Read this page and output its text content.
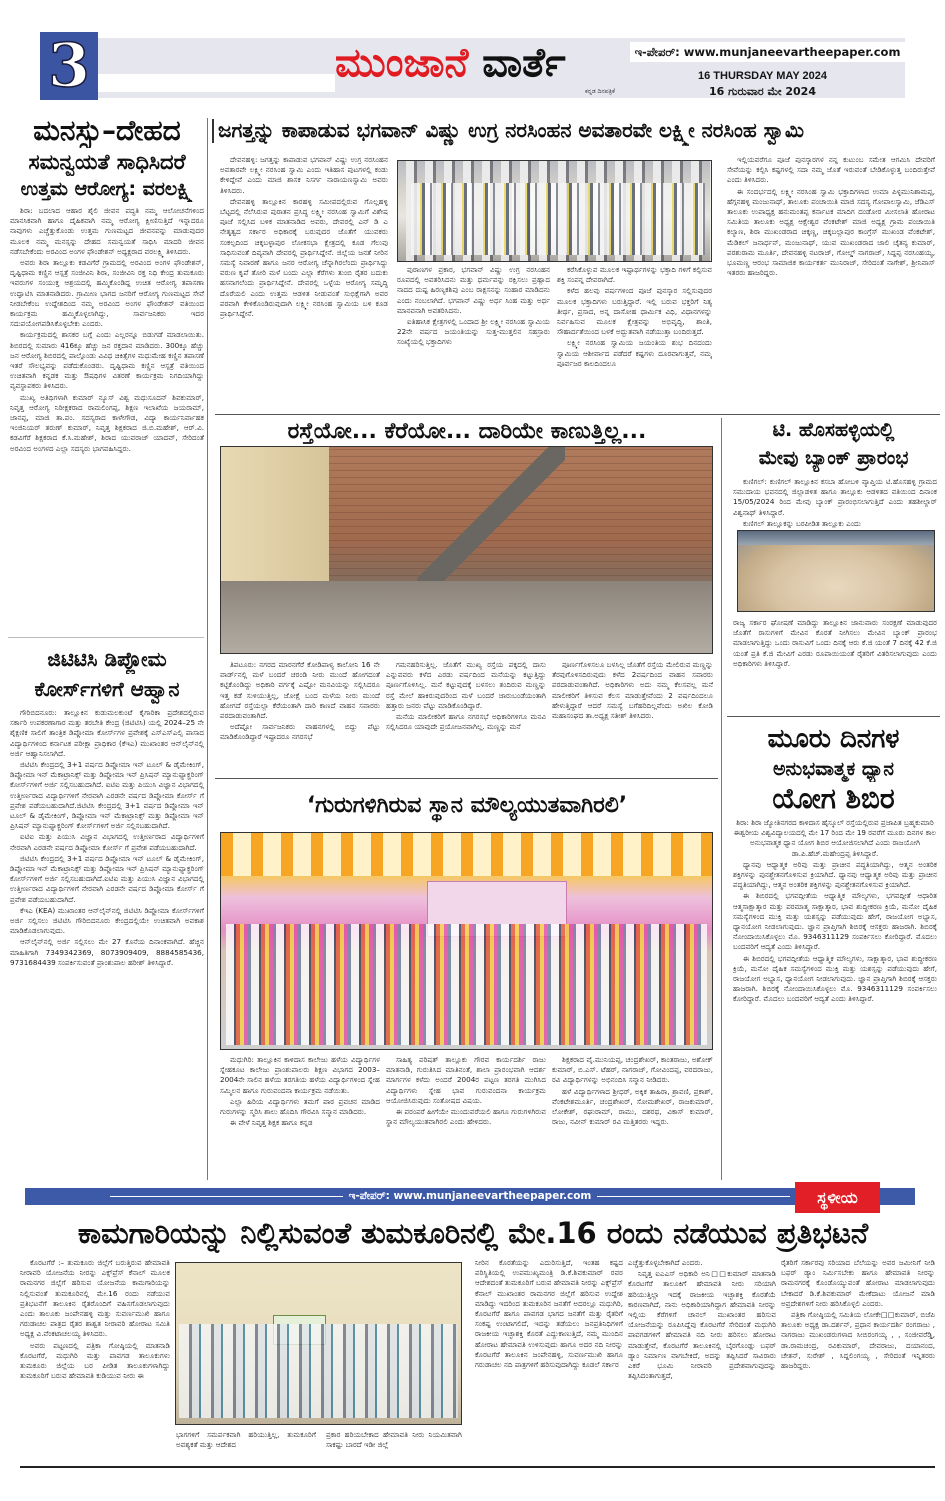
3	ಮುಂಜಾನೆ ವಾರ್ತೆ
ಕನ್ನಡ ದಿನಪತ್ರಿಕೆ
ಇ-ಪೇಪರ್: www.munjaneevartheepaper.com
16 THURSDAY MAY 2024
16 ಗುರುವಾರ ಮೇ 2024
ಮನಸ್ಸು–ದೇಹದ
ಸಮನ್ವಯತೆ ಸಾಧಿಸಿದರೆ
ಉತ್ತಮ ಆರೋಗ್ಯ: ವರಲಕ್ಷ್ಮಿ

ಶಿರಾ: ಬದಲಾದ ಆಹಾರ ಶೈಲಿ ಜೀವನ ಪದ್ಧತಿ ನಮ್ಮ ಆಲೋಚನೆಗಳಿಂದ ಮಾನಸಿಕವಾಗಿ ಹಾಗೂ ದೈಹಿಕವಾಗಿ ನಮ್ಮ ಆರೋಗ್ಯ ಕ್ಷೀಣಿಸುತ್ತಿದೆ ಇನ್ನಾದರೂ ನಾವುಗಳು ಎಚ್ಚೆತ್ತುಕೊಂಡು ಉತ್ತಮ ಗುಣಮಟ್ಟದ ಜೀವನವನ್ನು ಮಾಡುವುದರ ಮೂಲಕ ನಮ್ಮ ಮನಸ್ಸನ್ನು ದೇಹದ ಸಮನ್ವಯತೆ ಸಾಧಿಸಿ ಮಾದರಿ ಜೀವನ ನಡೆಸಬೇಕೆಂದು ಅರವಿಂದ ಅಂಗಳ ಫೌಂಡೇಶನ್ ಅಧ್ಯಕ್ಷರಾದ ವರಲಕ್ಷ್ಮಿ ತಿಳಿಸಿದರು.

ಅವರು ಶಿರಾ ತಾಲ್ಲೂಕು ಕಡವಿಗೆರೆ ಗ್ರಾಮದಲ್ಲಿ ಅರವಿಂದ ಅಂಗಳ ಫೌಂಡೇಶನ್, ದೃಷ್ಟಿಧಾಮ ಕಣ್ಣಿನ ಆಸ್ಪತ್ರೆ ಸಂಜೀವಿನಿ ಶಿರಾ, ಸಂಜೀವಿನಿ ರಕ್ತ ನಿಧಿ ಕೇಂದ್ರ ತುಮಕೂರು ಇವರುಗಳ ಸಂಯುಕ್ತ ಆಶ್ರಯದಲ್ಲಿ ಹಮ್ಮಿಕೊಂಡಿದ್ದ ಉಚಿತ ಆರೋಗ್ಯ ತಪಾಸಣಾ ಉದ್ಘಾಟಿಸಿ ಮಾತನಾಡಿದರು. ಗ್ರಾಮೀಣ ಭಾಗದ ಜನರಿಗೆ ಆರೋಗ್ಯ ಗುಣಮಟ್ಟದ ಸೇವೆ ನೀಡಬೇಕೆಂಬ ಉದ್ದೇಶದಿಂದ ನಮ್ಮ ಅರವಿಂದ ಅಂಗಳ ಫೌಂಡೇಶನ್ ವತಿಯಿಂದ ಕಾರ್ಯಕ್ರಮ ಹಮ್ಮಿಕೊಳ್ಳಲಾಗಿದ್ದು, ಸಾರ್ವಜನಿಕರು ಇದರ ಸದುಪಯೋಗಪಡಿಸಿಕೊಳ್ಳಬೇಕು ಎಂದರು.

ಕಾರ್ಯಕ್ರಮದಲ್ಲಿ ಶಾಸಕರ ಬಗ್ಗೆ ಎಂದು ಎಲ್ಲರನ್ನೂ ಬಿಡುಗಡೆ ಮಾಡಲಾಯಿತು. ಶಿಬಿರದಲ್ಲಿ ಸುಮಾರು 416ಕ್ಕೂ ಹೆಚ್ಚು ಜನ ರಕ್ತದಾನ ಮಾಡಿದರು. 300ಕ್ಕೂ ಹೆಚ್ಚು ಜನ ಆರೋಗ್ಯ ಶಿಬಿರದಲ್ಲಿ ಪಾಲ್ಗೊಂಡು ವಿವಿಧ ಚಿಕಿತ್ಸೆಗಳ ಮಧುಮೇಹ ಕಣ್ಣಿನ ತಪಾಸಣೆ ಇತರೆ ಸೌಲಭ್ಯವನ್ನು ಪಡೆದುಕೊಂಡರು. ದೃಷ್ಟಿಧಾಮ ಕಣ್ಣಿನ ಆಸ್ಪತ್ರೆ ವತಿಯಿಂದ ಉಚಿತವಾಗಿ ಕನ್ನಡಕ ಮತ್ತು ಔಷಧಿಗಳ ವಿತರಣೆ ಕಾರ್ಯಕ್ರಮ ನಿಗದಿಯಾಗಿದ್ದು ವ್ಯವಸ್ಥಾಪಕರು ತಿಳಿಸಿದರು.

ಮುಖ್ಯ ಅತಿಥಿಗಳಾಗಿ ಕುಮಾರ್ ನ್ಯೂಸ್ ವಿಶ್ವ ಮಧುಸೂದನ್ ಶಿವಕುಮಾರ್, ನಿವೃತ್ತ ಆರೋಗ್ಯ ನಿರೀಕ್ಷಕರಾದ ರಾಮಲಿಂಗಪ್ಪ, ಶಿಕ್ಷಣ ಇಲಾಖೆಯ ಜಯರಾಮ್, ಜಾನಪ್ಪ, ಮಾಜಿ ತಾ.ಪಂ. ಸದಸ್ಯರಾದ ಕಾಳೇಗೌಡ, ವಿದ್ಯಾ ಕಾರ್ಯನಿರ್ವಾಹಕ ಇಂಜಿನಿಯರ್ ತರುಣ್ ಕುಮಾರ್, ನಿವೃತ್ತ ಶಿಕ್ಷಕರಾದ ಜಿ.ಬಿ.ಮಹೇಶ್, ಆರ್.ವಿ. ಕಡವಿಗೆರೆ ಶಿಕ್ಷಕರಾದ ಕೆ.ಸಿ.ಮಹೇಶ್, ಶಿರಾದ ಯುವರಾಜ್ ಯಾದವ್, ಸೇರಿದಂತೆ ಅರವಿಂದ ಅಂಗಳದ ಎಲ್ಲಾ ಸದಸ್ಯರು ಭಾಗವಹಿಸಿದ್ದರು.

ಜಿಟಿಟಿಸಿ ಡಿಪ್ಲೋಮ
ಕೋರ್ಸ್‌ಗಳಿಗೆ ಆಹ್ವಾನ

ಗೌರಿಬಿದನೂರು: ತಾಲ್ಲೂಕಿನ ಕುಡುಮಲಕುಂಟೆ ಕೈಗಾರಿಕಾ ಪ್ರದೇಶದಲ್ಲಿರುವ ಸರ್ಕಾರಿ ಉಪಕರಣಾಗಾರ ಮತ್ತು ತರಬೇತಿ ಕೇಂದ್ರ (ಜಿಟಿಟಿಸಿ) ಯಲ್ಲಿ 2024–25 ನೇ ಶೈಕ್ಷಣಿಕ ಸಾಲಿಗೆ ತಾಂತ್ರಿಕ ಡಿಪ್ಲೋಮಾ ಕೋರ್ಸ್‌ಗಳ ಪ್ರವೇಶಕ್ಕೆ ಎಸ್ಎಸ್ಎಲ್ಸಿ ಪಾಸಾದ ವಿದ್ಯಾರ್ಥಿಗಳಿಂದ ಕರ್ನಾಟಕ ಪರೀಕ್ಷಾ ಪ್ರಾಧಿಕಾರ (ಕೆಇಎ) ಮುಖಾಂತರ ಆನ್‌ಲೈನ್‌ನಲ್ಲಿ ಅರ್ಜಿ ಆಹ್ವಾನಿಸಲಾಗಿದೆ.

ಜಿಟಿಟಿಸಿ ಕೇಂದ್ರದಲ್ಲಿ 3+1 ವರ್ಷದ ಡಿಪ್ಲೋಮಾ ಇನ್ ಟೂಲ್ & ಡೈಮೇಕಿಂಗ್, ಡಿಪ್ಲೋಮಾ ಇನ್ ಮೆಕಾಟ್ರಾನಿಕ್ಸ್ ಮತ್ತು ಡಿಪ್ಲೋಮಾ ಇನ್ ಪ್ರಿಸಿಷನ್ ಮ್ಯಾನುಫ್ಯಾಕ್ಚರಿಂಗ್ ಕೋರ್ಸ್‌ಗಳಿಗೆ ಅರ್ಜಿ ಸಲ್ಲಿಸಬಹುದಾಗಿದೆ. ಐಟಿಐ ಮತ್ತು ಪಿಯುಸಿ ವಿಜ್ಞಾನ ವಿಭಾಗದಲ್ಲಿ ಉತ್ತೀರ್ಣರಾದ ವಿದ್ಯಾರ್ಥಿಗಳಿಗೆ ನೇರವಾಗಿ ಎರಡನೇ ವರ್ಷದ ಡಿಪ್ಲೋಮಾ ಕೋರ್ಸ್ ಗೆ ಪ್ರವೇಶ ಪಡೆಯಬಹುದಾಗಿದೆ.ಜಿಟಿಟಿಸಿ ಕೇಂದ್ರದಲ್ಲಿ 3+1 ವರ್ಷದ ಡಿಪ್ಲೋಮಾ ಇನ್ ಟೂಲ್ & ಡೈಮೇಕಿಂಗ್, ಡಿಪ್ಲೋಮಾ ಇನ್ ಮೆಕಾಟ್ರಾನಿಕ್ಸ್ ಮತ್ತು ಡಿಪ್ಲೋಮಾ ಇನ್ ಪ್ರಿಸಿಷನ್ ಮ್ಯಾನುಫ್ಯಾಕ್ಚರಿಂಗ್ ಕೋರ್ಸ್‌ಗಳಿಗೆ ಅರ್ಜಿ ಸಲ್ಲಿಸಬಹುದಾಗಿದೆ.

ಐಟಿಐ ಮತ್ತು ಪಿಯುಸಿ ವಿಜ್ಞಾನ ವಿಭಾಗದಲ್ಲಿ ಉತ್ತೀರ್ಣರಾದ ವಿದ್ಯಾರ್ಥಿಗಳಿಗೆ ನೇರವಾಗಿ ಎರಡನೇ ವರ್ಷದ ಡಿಪ್ಲೋಮಾ ಕೋರ್ಸ್ ಗೆ ಪ್ರವೇಶ ಪಡೆಯಬಹುದಾಗಿದೆ.

ಜಿಟಿಟಿಸಿ ಕೇಂದ್ರದಲ್ಲಿ 3+1 ವರ್ಷದ ಡಿಪ್ಲೋಮಾ ಇನ್ ಟೂಲ್ & ಡೈಮೇಕಿಂಗ್, ಡಿಪ್ಲೋಮಾ ಇನ್ ಮೆಕಾಟ್ರಾನಿಕ್ಸ್ ಮತ್ತು ಡಿಪ್ಲೋಮಾ ಇನ್ ಪ್ರಿಸಿಷನ್ ಮ್ಯಾನುಫ್ಯಾಕ್ಚರಿಂಗ್ ಕೋರ್ಸ್‌ಗಳಿಗೆ ಅರ್ಜಿ ಸಲ್ಲಿಸಬಹುದಾಗಿದೆ.ಐಟಿಐ ಮತ್ತು ಪಿಯುಸಿ ವಿಜ್ಞಾನ ವಿಭಾಗದಲ್ಲಿ ಉತ್ತೀರ್ಣರಾದ ವಿದ್ಯಾರ್ಥಿಗಳಿಗೆ ನೇರವಾಗಿ ಎರಡನೇ ವರ್ಷದ ಡಿಪ್ಲೋಮಾ ಕೋರ್ಸ್ ಗೆ ಪ್ರವೇಶ ಪಡೆಯಬಹುದಾಗಿದೆ.

ಕೆಇಎ (KEA) ಮುಖಾಂತರ ಆನ್‌ಲೈನ್‌ನಲ್ಲಿ ಜಿಟಿಟಿಸಿ ಡಿಪ್ಲೋಮಾ ಕೋರ್ಸ್‌ಗಳಿಗೆ ಅರ್ಜಿ ಸಲ್ಲಿಸಲು ಜಿಟಿಟಿಸಿ ಗೌರಿಬಿದನೂರು ಕೇಂದ್ರದಲ್ಲಿಯೇ ಉಚಿತವಾಗಿ ಅವಕಾಶ ಮಾಡಿಕೊಡಲಾಗುವುದು.

ಆನ್‌ಲೈನ್‌ನಲ್ಲಿ ಅರ್ಜಿ ಸಲ್ಲಿಸಲು ಮೇ 27 ಕೊನೆಯ ದಿನಾಂಕವಾಗಿದೆ. ಹೆಚ್ಚಿನ ಮಾಹಿತಿಗಾಗಿ 7349342369, 8073909409, 8884585436, 9731684439 ಸಂಪರ್ಕಿಸುವಂತೆ ಪ್ರಾಂಶುಪಾಲ ಹರೀಶ್ ತಿಳಿಸಿದ್ದಾರೆ.

ಜಗತ್ತನ್ನು ಕಾಪಾಡುವ ಭಗವಾನ್ ವಿಷ್ಣು ಉಗ್ರ ನರಸಿಂಹನ ಅವತಾರವೇ ಲಕ್ಷ್ಮೀ ನರಸಿಂಹ ಸ್ವಾಮಿ

ದೇವನಹಳ್ಳಿ: ಜಗತ್ತನ್ನು ಕಾಪಾಡುವ ಭಗವಾನ್ ವಿಷ್ಣು ಉಗ್ರ ನರಸಿಂಹನ ಅವತಾರವೇ ಲಕ್ಷ್ಮೀ ನರಸಿಂಹ ಸ್ವಾಮಿ ಎಂದು ಇತಿಹಾಸ ಪುಟಗಳಲ್ಲಿ ಕಂಡು ಕೇಳಿದ್ದೇವೆ ಎಂದು ಮಾಜಿ ಶಾಸಕ ನಿಸರ್ಗ ನಾರಾಯಣಸ್ವಾಮಿ ಅವರು ತಿಳಿಸಿದರು.

ದೇವನಹಳ್ಳಿ ತಾಲ್ಲೂಕಿನ ಕಾರಹಳ್ಳಿ ಸಮೀಪದಲ್ಲಿರುವ ಗೊಲ್ಲಹಳ್ಳಿ ಬೆಟ್ಟದಲ್ಲಿ ನೆಲೆಸಿರುವ ಪುರಾತನ ಪ್ರಸಿದ್ಧ ಲಕ್ಷ್ಮೀ ನರಸಿಂಹ ಸ್ವಾಮಿಗೆ ವಿಶೇಷ ಪೂಜೆ ಸಲ್ಲಿಸಿದ ಬಳಿಕ ಮಾತನಾಡಿದ ಅವರು, ದೇವರಲ್ಲಿ ಎನ್ ಡಿ ಎ ನೇತೃತ್ವದ ಸರ್ಕಾರ ಅಧಿಕಾರಕ್ಕೆ ಬರುವುದರ ಜೊತೆಗೆ ಯುವಕರು ಸಂಕಲ್ಪದಿಂದ ಚಿಕ್ಕಬಳ್ಳಾಪುರ ಲೋಕಸಭಾ ಕ್ಷೇತ್ರದಲ್ಲಿ ಕೂಡ ಗೆಲುವು ಸಾಧಿಸುವಂತೆ ದಿವ್ಯವಾಗಿ ದೇವರಲ್ಲಿ ಪ್ರಾರ್ಥಿಸಿದ್ದೇನೆ. ಜಿಲ್ಲೆಯ ಜನತೆ ನೀರಿನ ಸಮಸ್ಯೆ ನಿವಾರಣೆ ಹಾಗೂ ಜನರ ಆರೋಗ್ಯ ಚೆನ್ನಾಗಿರಲೆಂದು ಪ್ರಾರ್ಥಿಸಿದ್ದು ವರುಣ ಕೃಪೆ ತೋರಿ ಮಳೆ ಬಂದು ಎಲ್ಲಾ ಕೆರೆಗಳು ತುಂಬಿ ರೈತರ ಬದುಕು ಹಸನಾಗಲೆಂದು ಪ್ರಾರ್ಥಿಸಿದ್ದೇನೆ. ದೇವರಲ್ಲಿ ಒಳ್ಳೆಯ ಆರೋಗ್ಯ ಸಮೃದ್ಧಿ ದೊರೆಯಲಿ ಎಂದು ಉತ್ತಮ ಆಡಳಿತ ನೀಡುವಂತೆ ಸುಭಿಕ್ಷೆಗಾಗಿ ಅವರ ಪರವಾಗಿ ಕೇಳಿಕೊಂಡಿರುವುದಾಗಿ ಲಕ್ಷ್ಮೀ ನರಸಿಂಹ ಸ್ವಾಮಿಯ ಬಳಿ ಕೂಡ ಪ್ರಾರ್ಥಿಸಿದ್ದೇನೆ.

ಪುರಾಣಗಳ ಪ್ರಕಾರ, ಭಗವಾನ್ ವಿಷ್ಣು ಉಗ್ರ ನರಸಿಂಹನ ರೂಪದಲ್ಲಿ ಅವತರಿಸಿದನು ಮತ್ತು ಧರ್ಮವನ್ನು ರಕ್ಷಿಸಲು ಪ್ರಹ್ಲಾದ ನಾದದ ದುಷ್ಟ ಹಿರಣ್ಯಕಶಿಪು ಎಂಬ ರಾಕ್ಷಸನನ್ನು ಸಂಹಾರ ಮಾಡಿದನು ಎಂದು ನಂಬಲಾಗಿದೆ. ಭಗವಾನ್ ವಿಷ್ಣು ಅರ್ಧ ಸಿಂಹ ಮತ್ತು ಅರ್ಧ ಮಾನವನಾಗಿ ಅವತರಿಸಿದನು.

ಐತಿಹಾಸಿಕ ಕ್ಷೇತ್ರಗಳಲ್ಲಿ ಒಂದಾದ ಶ್ರೀ ಲಕ್ಷ್ಮೀ ನರಸಿಂಹ ಸ್ವಾಮಿಯ 22ನೇ ವರ್ಷದ ಜಯಂತಿಯನ್ನು ಸುತ್ತ-ಮುತ್ತಲಿನ ಸಹಸ್ರಾರು ಸಂಖ್ಯೆಯಲ್ಲಿ ಭಕ್ತಾದಿಗಳು

ಕರೆಸಿಕೊಳ್ಳುವ ಮೂಲಕ ಇಷ್ಟಾರ್ಥಗಳನ್ನು ಭಕ್ತಾದಿ ಗಳಿಗೆ ಕಲ್ಪಿಸುವ ಶಕ್ತಿ ಸಂಪನ್ನ ದೇವರಾಗಿದೆ.

ಕಳೆದ ಹಲವು ವರ್ಷಗಳಿಂದ ಪೂಜೆ ಪುನಸ್ಕಾರ ಸಲ್ಲಿಸುವುದರ ಮೂಲಕ ಭಕ್ತಾದಿಗಳು ಬರುತ್ತಿದ್ದಾರೆ. ಇಲ್ಲಿ ಬರುವ ಭಕ್ತರಿಗೆ ನಿತ್ಯ ತೀರ್ಥ, ಪ್ರಸಾದ, ಅನ್ನ ದಾಸೋಹ ಧಾರ್ಮಿಕ ವಿಧಿ, ವಿಧಾನಗಳನ್ನು ನಿರ್ವಹಿಸುವ ಮೂಲಕ ಕ್ಷೇತ್ರವನ್ನು ಅಭಿವೃದ್ಧಿ, ಶಾಂತಿ, ಸೌಹಾರ್ದತೆಯಿಂದ ಬಳಕೆ ಅದ್ಭುತವಾಗಿ ನಡೆಯುತ್ತಾ ಬಂದಿರುತ್ತದೆ.

ಲಕ್ಷ್ಮೀ ನರಸಿಂಹ ಸ್ವಾಮಿಯ ಜಯಂತಿಯ ಶುಭ ದಿನದಂದು ಸ್ವಾಮಿಯ ಆಶೀರ್ವಾದ ಪಡೆದರೆ ಕಷ್ಟಗಳು ದೂರವಾಗುತ್ತವೆ, ನಮ್ಮ ಪೂರ್ವಜರ ಕಾಲದಿಂದಲೂ

ಇಲ್ಲಿಯವರೆಗೂ ಪೂಜೆ ಪುನಸ್ಕಾರಗಳ ನನ್ನ ಕುಟುಂಬ ಸಮೇತ ಆಗಮಿಸಿ ದೇವರಿಗೆ ಸೇವೆಯನ್ನು ಕಲ್ಪಿಸಿ ಕಷ್ಟಗಳಲ್ಲಿ ಸದಾ ನಮ್ಮ ಜೊತೆ ಇರುವಂತೆ ಬೇಡಿಕೊಳ್ಳುತ್ತ ಬಂದಿರುತ್ತೇವೆ ಎಂದು ತಿಳಿಸಿದರು.

ಈ ಸಂದರ್ಭದಲ್ಲಿ ಲಕ್ಷ್ಮೀ ನರಸಿಂಹ ಸ್ವಾಮಿ ಭಕ್ತಾದಿಗಳಾದ ಉಮಾ ಪಿಳ್ಳಮುನಿಶಾಮಪ್ಪ, ಹೆಗ್ಗನಹಳ್ಳಿ ಮಂಜುನಾಥ್, ತಾಲೂಕು ಪಂಚಾಯಿತಿ ಮಾಜಿ ಸದಸ್ಯ ಗೋಪಾಲಸ್ವಾಮಿ, ಜೆಡಿಎಸ್ ತಾಲೂಕು ಉಪಾಧ್ಯಕ್ಷ ಹನುಮಂತಪ್ಪ ಕರ್ನಾಟಕ ಮಾದಿಗ ದಂಡೋರ ಮೀಸಲಾತಿ ಹೋರಾಟ ಸಮಿತಿಯ ತಾಲೂಕು ಅಧ್ಯಕ್ಷ ಆಕ್ಷೇಶ್ವರ ವೆಂಕಟೇಶ್ ಮಾಜಿ ಅಧ್ಯಕ್ಷ ಗ್ರಾಮ ಪಂಚಾಯಿತಿ ಕಲ್ಯಾಣ, ಶಿರಾ ಮುಖಂಡರಾದ ಚಿಕ್ಕಣ್ಣ, ಚಿಕ್ಕಬಲ್ಲಾಪುರ ಕಾಂಗ್ರೆಸ್ ಮುಖಂಡ ವೆಂಕಟೇಶ್, ಮೆಡಿಕಲ್ ಜನಾರ್ಧನ್, ಮಂಜುನಾಥ್, ಯುವ ಮುಖಂಡರಾದ ಜಾಲಿ ಚೈತನ್ಯ ಕುಮಾರ್, ಪರಶುರಾಮ ಮೂರ್ತಿ, ದೇವನಹಳ್ಳಿ ನಟರಾಜ್, ಗೋಲ್ಡ್ ನಾಗರಾಜ್, ಸಿದ್ದಪ್ಪ ನರಸಿಂಹಯ್ಯ, ಭೂಮಣ್ಣ ಆರಂಭ ಸಾಮಾಜಿಕ ಕಾರ್ಯಕರ್ತ ಮುನಿರಾಜ್, ಸೇರಿದಂತೆ ನಾಗೇಶ್, ಶ್ರೀನಿವಾಸ್ ಇತರರು ಹಾಜರಿದ್ದರು.

ರಸ್ತೆಯೋ... ಕೆರೆಯೋ... ದಾರಿಯೇ ಕಾಣುತ್ತಿಲ್ಲ...

ತಿಪಟೂರು: ನಗರದ ಮಾರನಗೆರೆ ಕೋಡಿಪಾಳ್ಯ ಕಾಲೋನಿ 16 ನೇ ವಾರ್ಡ್‌ನಲ್ಲಿ ಮಳೆ ಬಂದರೆ ಚರಂಡಿ ನೀರು ಮುಂದೆ ಹೋಗದಂತೆ ಕಟ್ಟಿಕೊಂಡಿದ್ದು ಅಧಿಕಾರಿ ವರ್ಗಕ್ಕೆ ಎಷ್ಟೋ ಮನವಿಯನ್ನು ಸಲ್ಲಿಸಿದರೂ ಇತ್ತ ಕಡೆ ಸುಳಿಯುತ್ತಿಲ್ಲ, ಜೋಕ್ಷೆ ಬಂದ ಮಳೆಯ ನೀರು ಮುಂದೆ ಹೋಗದೆ ರಸ್ತೆಯಲ್ಲಾ ಕೆರೆಯಂತಾಗಿ ದಾರಿ ಕಾಣದೆ ವಾಹನ ಸವಾರರು ಪರದಾಡುವಂತಾಗಿದೆ.

ಅದೆಷ್ಟೋ ಸಾರ್ವಜನಿಕರು ವಾಹನಗಳಲ್ಲಿ ಬಿದ್ದು ಪೆಟ್ಟು ಮಾಡಿಕೊಂಡಿದ್ದಾರೆ ಇಷ್ಟಾದರೂ ನಗರಸಭೆ

ಗಮನಹರಿಸುತ್ತಿಲ್ಲ. ಜೊತೆಗೆ ಮುಖ್ಯ ರಸ್ತೆಯ ಪಕ್ಕದಲ್ಲಿ ದಾಸು ಎನ್ನುವವರು ಕಳೆದ ಎರಡು ವರ್ಷದಿಂದ ಮನೆಯನ್ನು ಕಟ್ಟುತ್ತಿದ್ದು ಪೂರ್ಣಗೊಳಿಸಿಲ್ಲ. ಮನೆ ಕಟ್ಟುವುದಕ್ಕೆ ಬಳಸಲು ತಂದಿರುವ ಮಣ್ಣನ್ನು ರಸ್ತೆ ಮೇಲೆ ಹಾಕಿರುವುದರಿಂದ ಮಳೆ ಬಂದರೆ ಜಾರುಬಂಡೆಯಂತಾಗಿ ಹತ್ತಾರು ಜನರು ಪೆಟ್ಟು ಮಾಡಿಕೊಂಡಿದ್ದಾರೆ.

ಮನೆಯ ಮಾಲೀಕರಿಗೆ ಹಾಗೂ ನಗರಸಭೆ ಅಧಿಕಾರಿಗಳಿಗೂ ಮನವಿ ಸಲ್ಲಿಸಿದರೂ ಯಾವುದೇ ಪ್ರಯೋಜನವಾಗಿಲ್ಲ. ಮಣ್ಣನ್ನು ಮನೆ

ಪೂರ್ಣಗೊಳಿಸಲೂ ಬಳಸಿಲ್ಲ ಜೊತೆಗೆ ರಸ್ತೆಯ ಮೇಲಿರುವ ಮಣ್ಣನ್ನು ತೆರವುಗೊಳಿಸದಿರುವುದು ಕಳೆದ 2ವರ್ಷದಿಂದ ವಾಹನ ಸವಾರರು ಪರದಾಡುವಂತಾಗಿದೆ. ಅಧಿಕಾರಿಗಳು ಅದು ನಮ್ಮ ಕೆಲಸವಲ್ಲ ಮನೆ ಮಾಲೀಕರಿಗೆ ತಿಳಿಸುವ ಕೆಲಸ ಮಾಡುತ್ತೇವೆಂದು 2 ವರ್ಷದಿಂದಲೂ ಹೇಳುತ್ತಿದ್ದಾರೆ ಆದರೆ ಸಮಸ್ಯೆ ಬಗೆಹರಿದಿಲ್ಲವೆಂದು ಅಖಿಲ ಕೋಡಿ ಮಹಾಸಂಘದ ತಾ.ಅಧ್ಯಕ್ಷ ಸತೀಶ್ ತಿಳಿಸಿದರು.

ಟಿ. ಹೊಸಹಳ್ಳಿಯಲ್ಲಿ
ಮೇವು ಬ್ಯಾಂಕ್ ಪ್ರಾರಂಭ

ಕುಣಿಗಲ್: ಕುಣಿಗಲ್ ತಾಲ್ಲೂಕಿನ ಕಸಬಾ ಹೋಬಳಿ ವ್ಯಾಪ್ತಿಯ ಟಿ.ಹೊಸಹಳ್ಳಿ ಗ್ರಾಮದ ಸಮುದಾಯ ಭವನದಲ್ಲಿ ಜಿಲ್ಲಾಡಳಿತ ಹಾಗೂ ತಾಲ್ಲೂಕು ಆಡಳಿತದ ವತಿಯಿಂದ ದಿನಾಂಕ 15/05/2024 ರಿಂದ ಮೇವು ಬ್ಯಾಂಕ್ ಪ್ರಾರಂಭಿಸಲಾಗುತ್ತಿದೆ ಎಂದು ತಹಶೀಲ್ದಾರ್ ವಿಶ್ವನಾಥ್ ತಿಳಿಸಿದ್ದಾರೆ.

ಕುಣಿಗಲ್ ತಾಲ್ಲೂಕನ್ನು ಬರಪೀಡಿತ ತಾಲ್ಲೂಕು ಎಂದು

ರಾಜ್ಯ ಸರ್ಕಾರ ಘೋಷಣೆ ಮಾಡಿದ್ದು ತಾಲ್ಲೂಕಿನ ಜಾನುವಾರು ಸಂರಕ್ಷಣೆ ಮಾಡುವುದರ ಜೊತೆಗೆ ರಾಸುಗಳಿಗೆ ಮೇವಿನ ಕೊರತೆ ನೀಗಿಸಲು ಮೇವಿನ ಬ್ಯಾಂಕ್ ಪ್ರಾರಂಭ ಮಾಡಲಾಗುತ್ತಿದ್ದು ಒಂದು ರಾಸುವಿಗೆ ಒಂದು ದಿನಕ್ಕೆ ಆರು ಕೆ.ಜಿ ಯಂತೆ 7 ದಿನಕ್ಕೆ 42 ಕೆ.ಜಿ ಯಂತೆ ಪ್ರತಿ ಕೆ.ಜಿ ಮೇವಿಗೆ ಎರಡು ರೂಪಾಯಿಯಂತೆ ರೈತರಿಗೆ ವಿತರಿಸಲಾಗುವುದು ಎಂದು ಅಧಿಕಾರಿಗಳು ತಿಳಿಸಿದ್ದಾರೆ.

ಮೂರು ದಿನಗಳ
ಅನುಭವಾತ್ಮಕ ಧ್ಯಾನ
ಯೋಗ ಶಿಬಿರ

ಶಿರಾ: ಶಿರಾ ಜ್ಯೋತಿನಗರದ ಕಾಳಿದಾಸ ಹೈಸ್ಕೂಲ್ ರಸ್ತೆಯಲ್ಲಿರುವ ಪ್ರಜಾಪಿತ ಬ್ರಹ್ಮಕುಮಾರಿ ಈಶ್ವರೀಯ ವಿಶ್ವವಿದ್ಯಾಲಯದಲ್ಲಿ ಮೇ 17 ರಿಂದ ಮೇ 19 ರವರೆಗೆ ಮೂರು ದಿನಗಳ ಕಾಲ ಅನುಭವಾತ್ಮಕ ಧ್ಯಾನ ಯೋಗ ಶಿಬಿರ ಆಯೋಜಿಸಲಾಗಿದೆ ಎಂದು ರಾಜಯೋಗಿ ಡಾ.ಪಿ.ಹೆಚ್.ಮಹೇಂದ್ರಪ್ಪ ತಿಳಿಸಿದ್ದಾರೆ.

ಧ್ಯಾನವು ಆಧ್ಯಾತ್ಮಕ ಅರಿವು ಮತ್ತು ಪ್ರಾಚೀನ ಪದ್ಧತಿಯಾಗಿದ್ದು, ಆತ್ಮನ ಅಂತರಿಕ ಶಕ್ತಿಗಳನ್ನು ಪುನಶ್ಚೇತನಗೊಳಿಸುವ ಕ್ರಿಯಾಗಿದೆ. ಧ್ಯಾನವು ಆಧ್ಯಾತ್ಮಕ ಅರಿವು ಮತ್ತು ಪ್ರಾಚೀನ ಪದ್ಧತಿಯಾಗಿದ್ದು, ಆತ್ಮನ ಅಂತರಿಕ ಶಕ್ತಿಗಳನ್ನು ಪುನಶ್ಚೇತನಗೊಳಿಸುವ ಕ್ರಿಯಾಗಿದೆ.

ಈ ಶಿಬಿರದಲ್ಲಿ ಭಗವದ್ಗೀತೆಯ ಆಧ್ಯಾತ್ಮಿಕ ಮೌಲ್ಯಗಳು, ಭಗವದ್ಗೀತೆ ಆಧಾರಿತ ಆತ್ಮಸಾಕ್ಷಾತ್ಕಾರ ಮತ್ತು ಪರಮಾತ್ಮ ಸಾಕ್ಷಾತ್ಕಾರ, ಭಾವ ಶುದ್ಧೀಕರಣ ಕ್ರಿಯೆ, ಮನೋ ದೈಹಿಕ ಸಮಸ್ಯೆಗಳಿಂದ ಮುಕ್ತಿ ಮತ್ತು ಯಶಸ್ಸನ್ನು ಪಡೆಯುವುದು ಹೇಗೆ, ರಾಜಯೋಗ ಅಭ್ಯಾಸ, ಧ್ಯಾನಯೋಗ ನೀಡಲಾಗುವುದು. ಜ್ಞಾನ ಪ್ರಾಪ್ತಿಗಾಗಿ ಶಿಬಿರಕ್ಕೆ ಆಸಕ್ತರು ಹಾಜರಾಗಿ. ಶಿಬಿರಕ್ಕೆ ನೋಂದಾಯಿಸಿಕೊಳ್ಳಲು ಮೊ. 9346311129 ಸಂಪರ್ಕಿಸಲು ಕೋರಿದ್ದಾರೆ. ಮೊದಲು ಬಂದವರಿಗೆ ಆದ್ಯತೆ ಎಂದು ತಿಳಿಸಿದ್ದಾರೆ.

ಈ ಶಿಬಿರದಲ್ಲಿ ಭಗವದ್ಗೀತೆಯ ಆಧ್ಯಾತ್ಮಿಕ ಮೌಲ್ಯಗಳು, ಸಾಕ್ಷಾತ್ಕಾರ, ಭಾವ ಶುದ್ಧೀಕರಣ ಕ್ರಿಯೆ, ಮನೋ ದೈಹಿಕ ಸಮಸ್ಯೆಗಳಿಂದ ಮುಕ್ತಿ ಮತ್ತು ಯಶಸ್ಸನ್ನು ಪಡೆಯುವುದು ಹೇಗೆ, ರಾಜಯೋಗ ಅಭ್ಯಾಸ, ಧ್ಯಾನಯೋಗ ನೀಡಲಾಗುವುದು. ಜ್ಞಾನ ಪ್ರಾಪ್ತಿಗಾಗಿ ಶಿಬಿರಕ್ಕೆ ಆಸಕ್ತರು ಹಾಜರಾಗಿ. ಶಿಬಿರಕ್ಕೆ ನೋಂದಾಯಿಸಿಕೊಳ್ಳಲು ಮೊ. 9346311129 ಸಂಪರ್ಕಿಸಲು ಕೋರಿದ್ದಾರೆ. ಮೊದಲು ಬಂದವರಿಗೆ ಆದ್ಯತೆ ಎಂದು ತಿಳಿಸಿದ್ದಾರೆ.

‘ಗುರುಗಳಿಗಿರುವ ಸ್ಥಾನ ಮೌಲ್ಯಯುತವಾಗಿರಲಿ’

ಮಧುಗಿರಿ: ತಾಲ್ಲೂಕಿನ ಕಾಳಿದಾಸ ಕಾಲೇಜು ಹಳೆಯ ವಿದ್ಯಾರ್ಥಿಗಳ ಸ್ನೇಹಕೂಟ ಕಾಲೇಜು ಪ್ರಾಂಶುಪಾಲರು ಶಿಕ್ಷಣ ವಿಭಾಗದ 2003– 2004ನೇ ಸಾಲಿನ ಹಳೆಯ ತರಗತಿಯ ಹಳೆಯ ವಿದ್ಯಾರ್ಥಿಗಳಿಂದ ಸ್ನೇಹ ಸಮ್ಮಿಲನ ಹಾಗೂ ಗುರುವಂದನಾ ಕಾರ್ಯಕ್ರಮ ನಡೆಯಿತು.

ಎಲ್ಲಾ ಹಿರಿಯ ವಿದ್ಯಾರ್ಥಿಗಳು ತಮಗೆ ಪಾಠ ಪ್ರವಚನ ಮಾಡಿದ ಗುರುಗಳನ್ನು ಸ್ಮರಿಸಿ ಶಾಲು ಹೊದಿಸಿ ಗೌರವಿಸಿ ಸನ್ಮಾನ ಮಾಡಿದರು.

ಈ ವೇಳೆ ನಿವೃತ್ತ ಶಿಕ್ಷಕ ಹಾಗೂ ಕನ್ನಡ

ಸಾಹಿತ್ಯ ಪರಿಷತ್ ತಾಲ್ಲೂಕು ಗೌರವ ಕಾರ್ಯದರ್ಶಿ ರಾಜು ಮಾತನಾಡಿ, ಗುರುತಿಸಿದ ಮಾತಿನಂತೆ, ಶಾಲಾ ಪ್ರಾರಂಭವಾಗಿ ಆದರ್ಶ ಮಾರ್ಗಗಳ ಕಳೆದು ಅಂದರೆ 2004ರ ಪಟ್ಟಣ ತರಗತಿ ಮುಗಿಸಿದ ವಿದ್ಯಾರ್ಥಿಗಳು ಸ್ನೇಹ ಭಾವ ಗುರುವಂದನಾ ಕಾರ್ಯಕ್ರಮ ಆಯೋಜಿಸಿರುವುದು ಸಂತೋಷದ ವಿಷಯ.

ಈ ಪರಂಪರೆ ಹೀಗೆಯೇ ಮುಂದುವರೆಯಲಿ ಹಾಗೂ ಗುರುಗಳಿಗಿರುವ ಸ್ಥಾನ ಮೌಲ್ಯಯುತವಾಗಿರಲಿ ಎಂದು ಹೇಳಿದರು.

ಶಿಕ್ಷಕರಾದ ವೈ.ಮುನಿಯಪ್ಪ, ಚಂದ್ರಶೇಖರ್, ಕಾಂತರಾಜು, ಅಶೋಕ್ ಕುಮಾರ್, ಬಿ.ಎಸ್. ಟೆಹರ್, ನಾಗರಾಜ್, ಗೋವಿಂದಪ್ಪ, ವರದರಾಜು, ರವಿ ವಿದ್ಯಾರ್ಥಿಗಳನ್ನು ಅಭಿನಂದಿಸಿ ಸನ್ಮಾನ ನೀಡಿದರು.

ಹಳೆ ವಿದ್ಯಾರ್ಥಿಗಳಾದ ಶ್ರೀಧರ್, ಅಕ್ಕಿಕ ತಾಹಿರಾ, ಶ್ರಾವಣಿ, ಪ್ರಕಾಶ್, ವೆಂಕಟೇಶಮೂರ್ತಿ, ಚಂದ್ರಶೇಖರ್, ಸೋಮಶೇಖರ್, ರಾಜಕುಮಾರ್, ಲೋಕೇಶ್, ರಘುರಾಮ್, ರಾಮು, ದಶರಥ, ವಿಕಾಸ್ ಕುಮಾರ್, ರಾಜು, ನವೀನ್ ಕುಮಾರ್ ರವಿ ಮತ್ತಿತರರು ಇದ್ದರು.

ಇ-ಪೇಪರ್: www.munjaneevartheepaper.com	ಸ್ಥಳೀಯ
ಕಾಮಗಾರಿಯನ್ನು ನಿಲ್ಲಿಸುವಂತೆ ತುಮಕೂರಿನಲ್ಲಿ ಮೇ.16 ರಂದು ನಡೆಯುವ ಪ್ರತಿಭಟನೆ

ಕೊರಟಗೆರೆ :– ತುಮಕೂರು ಜಿಲ್ಲೆಗೆ ಬರುತ್ತಿರುವ ಹೇಮಾವತಿ ನೀರಾವರಿ ಯೋಜನೆಯ ನೀರನ್ನು ಎಕ್ಸ್‌ಪ್ರೆಸ್ ಕೆನಾಲ್ ಮೂಲಕ ರಾಮನಗರ ಜಿಲ್ಲೆಗೆ ಹರಿಸುವ ಯೋಜನೆಯ ಕಾಮಗಾರಿಯನ್ನು ನಿಲ್ಲಿಸುವಂತೆ ತುಮಕೂರಿನಲ್ಲಿ ಮೇ.16 ರಂದು ನಡೆಯುವ ಪ್ರತಿಭಟನೆಗೆ ತಾಲೂಕಿನ ರೈತರೊಂದಿಗೆ ವಹಿಸಗೊಡಲಾಗುವುದು ಎಂದು ತಾಲೂಕು ಜಂಪೇನಹಳ್ಳಿ ಮತ್ತು ಸುವರ್ಣಮುಖಿ ಹಾಗೂ ಗರುಡಾಚಲ ಪಾತ್ರದ ರೈತರ ಶಾಶ್ವತ ನೀರಾವರಿ ಹೋರಾಟ ಸಮಿತಿ ಅಧ್ಯಕ್ಷ ವಿ.ವೆಂಕಟಾಚಲಯ್ಯ ತಿಳಿಸಿದರು.

ಅವರು ಪಟ್ಟಣದಲ್ಲಿ ಪತ್ರಿಕಾ ಗೋಷ್ಠಿಯಲ್ಲಿ ಮಾತನಾಡಿ ಕೊರಟಗೆರೆ, ಮಧುಗಿರಿ ಮತ್ತು ಪಾವಗಡ ತಾಲೂಕುಗಳು ತುಮಕೂರು ಜಿಲ್ಲೆಯ ಬರ ಪೀಡಿತ ತಾಲೂಕುಗಳಾಗಿದ್ದು ತುಮಕೂರಿಗೆ ಬರುವ ಹೇಮಾವತಿ ಕುಡಿಯುವ ನೀರು ಈ

ಭಾಗಗಳಿಗೆ ಸಮರ್ಪಕವಾಗಿ ಹರಿಯುತ್ತಿಲ್ಲ, ತುಮಕೂರಿಗೆ ಅವಶ್ಯಕತೆ ಮತ್ತು ಆದೇಶದ

ಪ್ರಕಾರ ಹರಿಯಬೇಕಾದ ಹೇಮಾವತಿ ನೀರು ನಿಯಮಿತವಾಗಿ ಸಾಕಷ್ಟು ಬಾರದೆ ಇಡೀ ಜಿಲ್ಲೆ

ನೀರಿನ ಕೊರತೆಯನ್ನು ಎದುರಿಸುತ್ತಿದೆ, ಇಂತಹ ಕಷ್ಟದ ಪರಿಸ್ಥಿತಿಯಲ್ಲಿ ಉಪಮುಖ್ಯಮಂತ್ರಿ ಡಿ.ಕೆ.ಶಿವಕುಮಾರ್ ರವರ ಆದೇಶದಂತೆ ತುಮಕೂರಿಗೆ ಬರುವ ಹೇಮಾವತಿ ನೀರನ್ನು ಎಕ್ಸ್‌ಪ್ರೆಸ್ ಕೆನಾಲ್ ಮುಖಾಂತರ ರಾಮನಗರ ಜಿಲ್ಲೆಗೆ ಹರಿಸುವ ಉದ್ದೇಶ ಮಾಡಿದ್ದು ಇದರಿಂದ ತುಮಕೂರಿನ ಜನತೆಗೆ ಅದರಲ್ಲೂ ಮಧುಗಿರಿ, ಕೊರಟಗೆರೆ ಹಾಗೂ ಪಾವಗಡ ಭಾಗದ ಜನತೆಗೆ ಮತ್ತು ರೈತರಿಗೆ ಸಂಕಷ್ಟ ಉಂಟಾಗಲಿದೆ, ಇದನ್ನು ತಡೆಯಲು ಜನಪ್ರತಿನಿಧಿಗಳಿಗೆ ರಾಜಕೀಯ ಇಚ್ಛಾಶಕ್ತಿ ಕೊರತೆ ಎದ್ದುಕಾಣುತ್ತಿದೆ, ನಮ್ಮ ಮುಂದಿನ ಹೋರಾಟ ಹೇಮಾವತಿ ಉಳಿಸುವುದು ಹಾಗೂ ಅದರ ನದಿ ನೀರನ್ನು ಕೊರಟಗೆರೆ ತಾಲೂಕಿನ ಜಂಪೇನಹಳ್ಳಿ, ಸುವರ್ಣಮುಖಿ ಹಾಗೂ ಗರುಡಾಚಲ ನದಿ ಪಾತ್ರಗಳಿಗೆ ಹರಿಸುವುದಾಗಿದ್ದು ಕೂಡಲೆ ಸರ್ಕಾರ

ಎಚ್ಚೆತ್ತುಕೊಳ್ಳಬೇಕಾಗಿದೆ ಎಂದರು.

ನಿವೃತ್ತ ಐಎಎಸ್ ಅಧಿಕಾರಿ ಅನಿ□□ಕುಮಾರ್ ಮಾತನಾಡಿ ಕೊರಟಗೆರೆ ತಾಲೂಕಿಗೆ ಹೇಮಾವತಿ ನೀರು ಸರಿಯಾಗಿ ಹರಿಯುತ್ತಿಲ್ಲಾ ಇದಕ್ಕೆ ರಾಜಕೀಯ ಇಚ್ಛಾಶಕ್ತಿ ಕೊರತೆಯೆ ಕಾರಣವಾಗಿದೆ, ನಾನು ಅಧಿಕಾರಿಯಾಗಿದ್ದಾಗ ಹೇಮಾವತಿ ನೀರನ್ನು ಇಲ್ಲಿಯ ಕೆರೆಗಳಿಗೆ ಚಾನಲ್ ಮುಖಾಂತರ ಹರಿಸುವ ಯೋಜನೆಯನ್ನು ರೂಪಿಸಿದ್ದೆವು ಕೊರಟಗೆರೆ ಸೇರಿದಂತೆ ಮಧುಗಿರಿ ಪಾವಗಡಗಳಿಗೆ ಹೇಮಾವತಿ ನದಿ ನೀರು ಹರಿಸಲು ಹೋರಾಟ ಮಾಡುತ್ತೇವೆ, ಕೊರಟಗೆರೆ ತಾಲೂಕಿನಲ್ಲಿ ಬೈರಗೊಂಡ್ಲು ಬಫರ್ ಡ್ಯಾಂ ನಿರ್ಮಾಣ ವಾಗಬೇಕಿದೆ, ಅದನ್ನು ತಪ್ಪಿಸಿದರೆ ಸಾವಿರಾರು ಎಕರೆ ಭೂಮಿ ನೀರಾವರಿ ಪ್ರದೇಶವಾಗುವುದನ್ನು ತಪ್ಪಿಸಿದಂತಾಗುತ್ತದೆ,

ರೈತರಿಗೆ ಸರ್ಕಾರವು ಸರಿಯಾದ ಬೆಲೆಯನ್ನು ಅವರ ಜಮೀನಿಗೆ ನೀಡಿ ಬಫರ್ ಡ್ಯಾಂ ನಿರ್ಮಿಸಬೇಕು ಹಾಗೂ ಹೇಮಾವತಿ ನೀರನ್ನು ರಾಮನಗರಕ್ಕೆ ಕೊಂಡೊಯ್ಯುವಂತೆ ಹೋರಾಟ ಮಾಡಲಾಗುವುದು ಬೇಕಾದರೆ ಡಿ.ಕೆ.ಶಿವಕುಮಾರ್ ಮೇಕೆದಾಟು ಯೋಜನೆ ಮಾಡಿ ಅವ್ರದೇಶಗಳಿಗೆ ನೀರು ಹರಿಸಿಕೊಳ್ಳಲಿ ಎಂದರು.

ಪತ್ರಿಕಾ ಗೋಷ್ಠಿಯಲ್ಲಿ ಸಮಿತಿಯ ಲೋಕೇ□□ಕುಮಾರ್, ಬಿಜೆಪಿ ತಾಲೂಕು ಅಧ್ಯಕ್ಷ ಡಾ.ದರ್ಶನ್, ಪ್ರಧಾನ ಕಾರ್ಯದರ್ಶಿ ರಂಗರಾಜು , ನಾಗರಾಜು ಮುಖಂಡರುಗಳಾದ ಸೀಬಿರಂಗಯ್ಯ , , ಸಂಜೀವರೆಡ್ಡಿ, ಡಾ.ರಾಮಚಂದ್ರ, ರವಿಕುಮಾರ್, ದೇವರಾಜು, ದಯಾನಂದ, ಚೇತನ್, ಸುರೇಶ್ , ಸಿದ್ದಲಿಂಗಯ್ಯ , ಸೇರಿದಂತೆ ಇನ್ನಿತರರು ಹಾಜರಿದ್ದರು.
